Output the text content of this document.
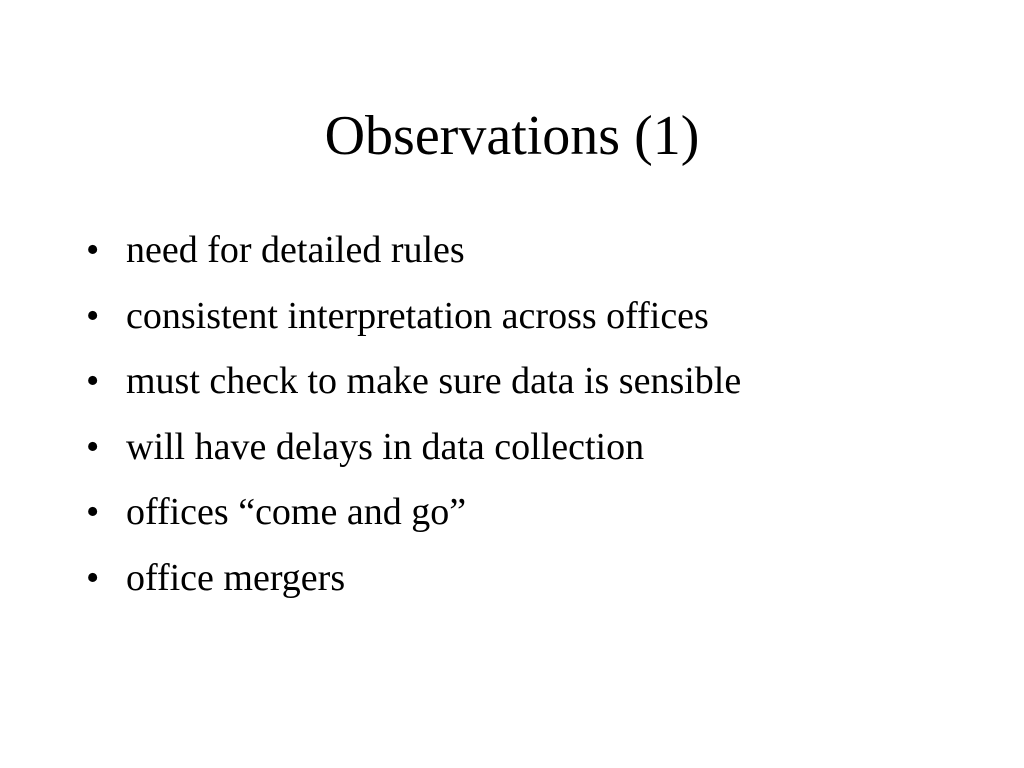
Observations (1)
• need for detailed rules
• consistent interpretation across offices
• must check to make sure data is sensible
• will have delays in data collection
• offices “come and go”
• office mergers
